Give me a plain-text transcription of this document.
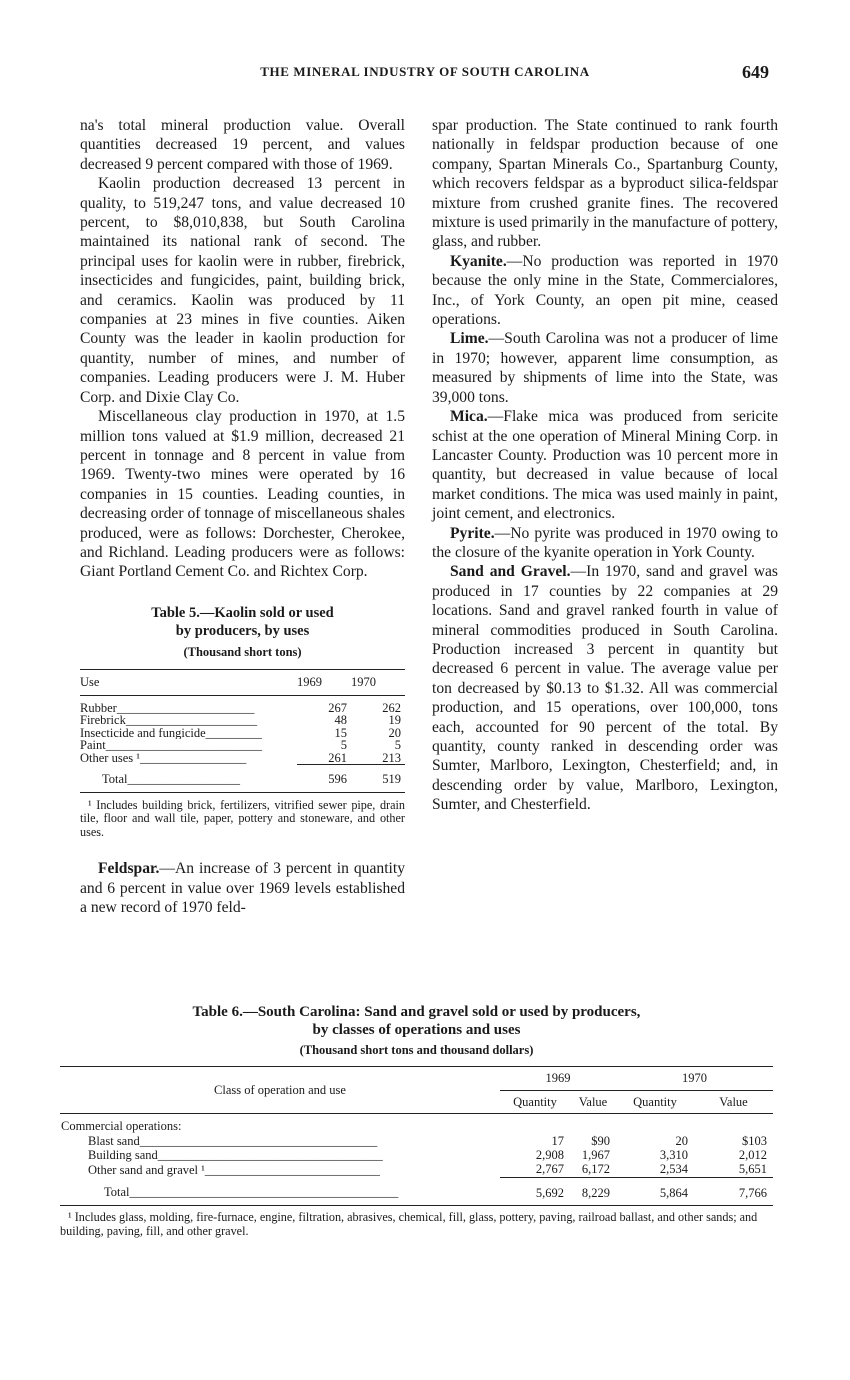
THE MINERAL INDUSTRY OF SOUTH CAROLINA	649

na's total mineral production value. Overall quantities decreased 19 percent, and values decreased 9 percent compared with those of 1969.

Kaolin production decreased 13 percent in quality, to 519,247 tons, and value decreased 10 percent, to $8,010,838, but South Carolina maintained its national rank of second. The principal uses for kaolin were in rubber, firebrick, insecticides and fungicides, paint, building brick, and ceramics. Kaolin was produced by 11 companies at 23 mines in five counties. Aiken County was the leader in kaolin production for quantity, number of mines, and number of companies. Leading producers were J. M. Huber Corp. and Dixie Clay Co.

Miscellaneous clay production in 1970, at 1.5 million tons valued at $1.9 million, decreased 21 percent in tonnage and 8 percent in value from 1969. Twenty-two mines were operated by 16 companies in 15 counties. Leading counties, in decreasing order of tonnage of miscellaneous shales produced, were as follows: Dorchester, Cherokee, and Richland. Leading producers were as follows: Giant Portland Cement Co. and Richtex Corp.

Table 5.—Kaolin sold or used
by producers, by uses
(Thousand short tons)
Use	1969	1970
Rubber______________________	267	262
Firebrick_____________________	48	19
Insecticide and fungicide_________	15	20
Paint_________________________	5	5
Other uses ¹_________________	261	213
Total__________________	596	519
¹ Includes building brick, fertilizers, vitrified sewer pipe, drain tile, floor and wall tile, paper, pottery and stoneware, and other uses.

Feldspar.—An increase of 3 percent in quantity and 6 percent in value over 1969 levels established a new record of 1970 feld-

spar production. The State continued to rank fourth nationally in feldspar production because of one company, Spartan Minerals Co., Spartanburg County, which recovers feldspar as a byproduct silica-feldspar mixture from crushed granite fines. The recovered mixture is used primarily in the manufacture of pottery, glass, and rubber.

Kyanite.—No production was reported in 1970 because the only mine in the State, Commercialores, Inc., of York County, an open pit mine, ceased operations.

Lime.—South Carolina was not a producer of lime in 1970; however, apparent lime consumption, as measured by shipments of lime into the State, was 39,000 tons.

Mica.—Flake mica was produced from sericite schist at the one operation of Mineral Mining Corp. in Lancaster County. Production was 10 percent more in quantity, but decreased in value because of local market conditions. The mica was used mainly in paint, joint cement, and electronics.

Pyrite.—No pyrite was produced in 1970 owing to the closure of the kyanite operation in York County.

Sand and Gravel.—In 1970, sand and gravel was produced in 17 counties by 22 companies at 29 locations. Sand and gravel ranked fourth in value of mineral commodities produced in South Carolina. Production increased 3 percent in quantity but decreased 6 percent in value. The average value per ton decreased by $0.13 to $1.32. All was commercial production, and 15 operations, over 100,000, tons each, accounted for 90 percent of the total. By quantity, county ranked in descending order was Sumter, Marlboro, Lexington, Chesterfield; and, in descending order by value, Marlboro, Lexington, Sumter, and Chesterfield.

Table 6.—South Carolina: Sand and gravel sold or used by producers,
by classes of operations and uses
(Thousand short tons and thousand dollars)
Class of operation and use	1969		1970	
	Quantity	Value	Quantity	Value
Commercial operations:				
Blast sand______________________________________	17	$90	20	$103
Building sand____________________________________	2,908	1,967	3,310	2,012
Other sand and gravel ¹____________________________	2,767	6,172	2,534	5,651
Total___________________________________________	5,692	8,229	5,864	7,766
¹ Includes glass, molding, fire-furnace, engine, filtration, abrasives, chemical, fill, glass, pottery, paving, railroad ballast, and other sands; and building, paving, fill, and other gravel.
